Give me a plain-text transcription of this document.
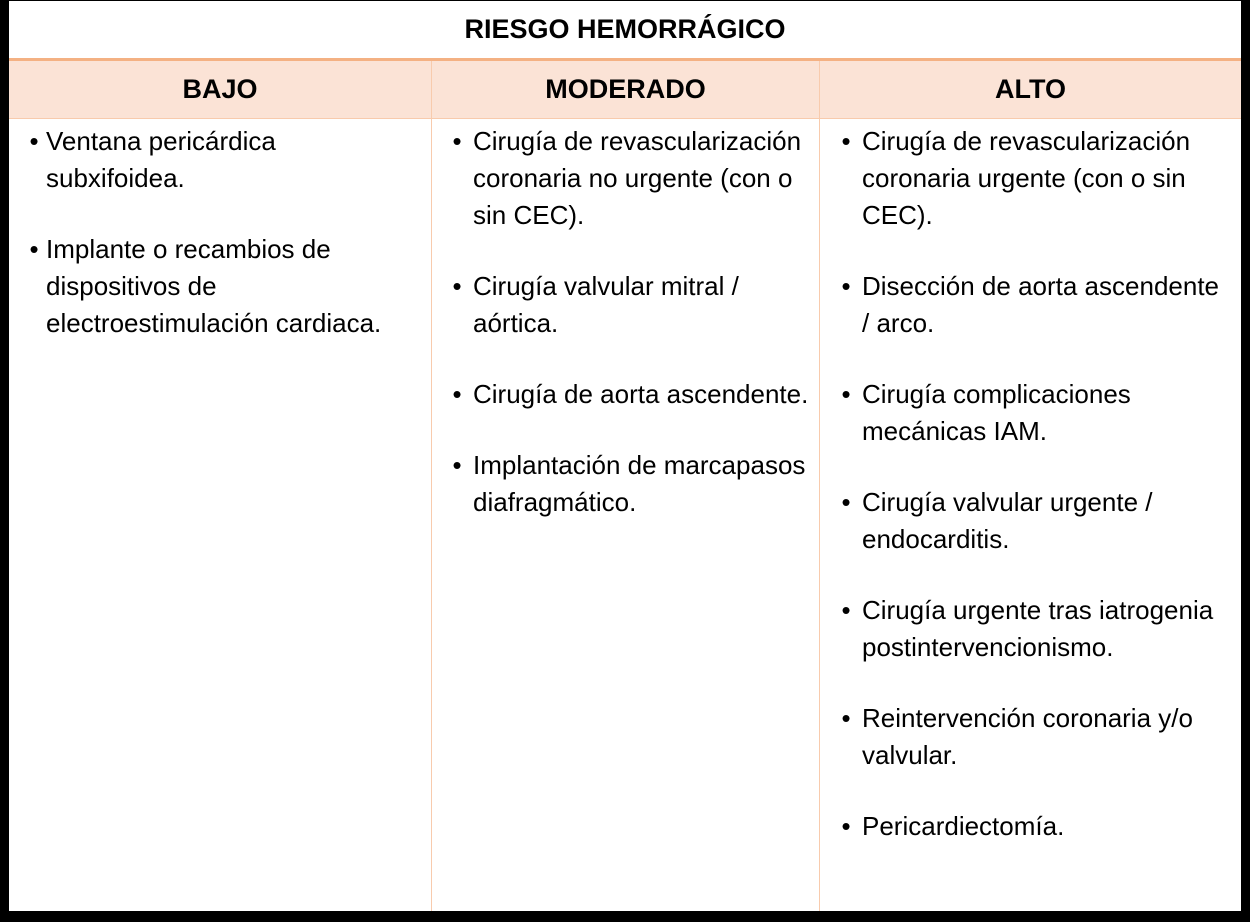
RIESGO HEMORRÁGICO
BAJO	MODERADO	ALTO
• Ventana pericárdica subxifoidea.
• Implante o recambios de dispositivos de electroestimulación cardiaca.
• Cirugía de revascularización coronaria no urgente (con o sin CEC).
• Cirugía valvular mitral / aórtica.
• Cirugía de aorta ascendente.
• Implantación de marcapasos diafragmático.
• Cirugía de revascularización coronaria urgente (con o sin CEC).
• Disección de aorta ascendente / arco.
• Cirugía complicaciones mecánicas IAM.
• Cirugía valvular urgente / endocarditis.
• Cirugía urgente tras iatrogenia postintervencionismo.
• Reintervención coronaria y/o valvular.
• Pericardiectomía.
